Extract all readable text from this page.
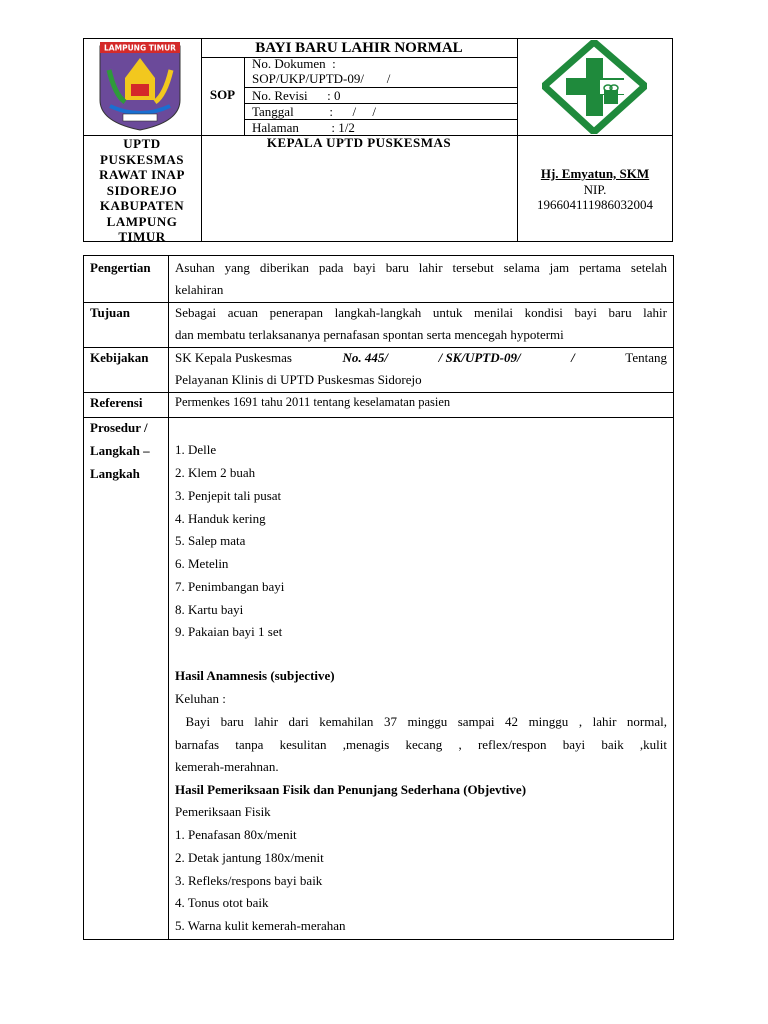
LAMPUNG TIMUR	BAYI BARU LAHIR NORMAL
SOP
No. Dokumen  :
SOP/UKP/UPTD-09/       /
No. Revisi      : 0
Tanggal           :      /     /
Halaman          : 1/2
UPTD
PUSKESMAS
RAWAT INAP
SIDOREJO
KABUPATEN
LAMPUNG
TIMUR
KEPALA UPTD PUSKESMAS
Hj. Emyatun, SKM
NIP.
196604111986032004
Pengertian Asuhan yang diberikan pada bayi baru lahir tersebut selama jam pertama setelah
kelahiran
Tujuan	Sebagai acuan penerapan langkah-langkah untuk menilai kondisi bayi baru lahir
dan membatu terlaksananya pernafasan spontan serta mencegah hypotermi
Kebijakan SK Kepala Puskesmas	No. 445/	/ SK/UPTD-09/	/	Tentang
Pelayanan Klinis di UPTD Puskesmas Sidorejo
Referensi	Permenkes 1691 tahu 2011 tentang keselamatan pasien
Prosedur /
Langkah –
Langkah
1. Delle
2. Klem 2 buah
3. Penjepit tali pusat
4. Handuk kering
5. Salep mata
6. Metelin
7. Penimbangan bayi
8. Kartu bayi
9. Pakaian bayi 1 set
Hasil Anamnesis (subjective)
Keluhan :
Bayi baru lahir dari kemahilan 37 minggu sampai 42 minggu , lahir normal,
barnafas tanpa kesulitan ,menagis kecang , reflex/respon bayi baik ,kulit
kemerah-merahnan.
Hasil Pemeriksaan Fisik dan Penunjang Sederhana (Objevtive)
Pemeriksaan Fisik
1. Penafasan 80x/menit
2. Detak jantung 180x/menit
3. Refleks/respons bayi baik
4. Tonus otot baik
5. Warna kulit kemerah-merahan
